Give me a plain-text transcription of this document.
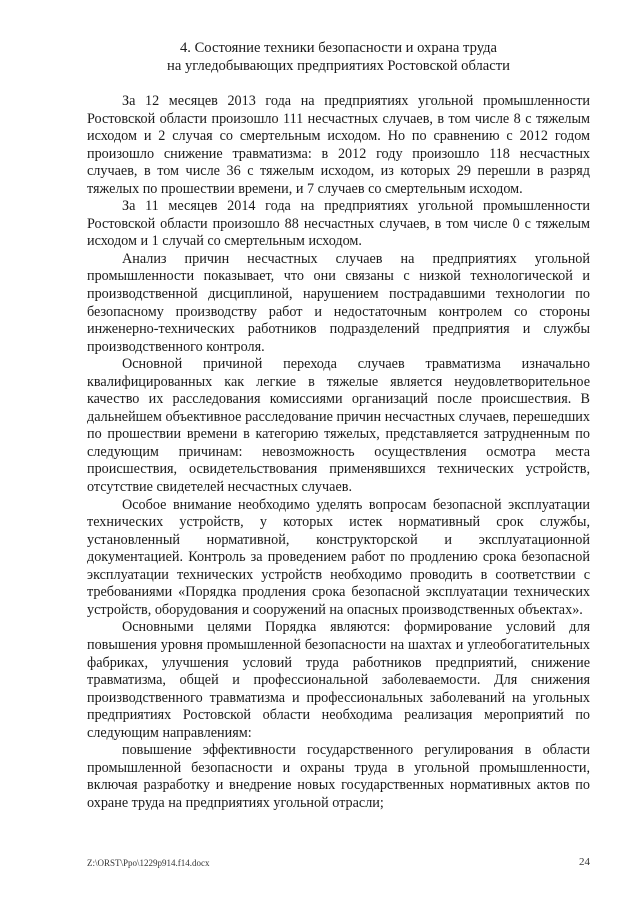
4. Состояние техники безопасности и охрана труда
на угледобывающих предприятиях Ростовской области

За 12 месяцев 2013 года на предприятиях угольной промышленности Ростовской области произошло 111 несчастных случаев, в том числе 8 с тяжелым исходом и 2 случая со смертельным исходом. Но по сравнению с 2012 годом произошло снижение травматизма: в 2012 году произошло 118 несчастных случаев, в том числе 36 с тяжелым исходом, из которых 29 перешли в разряд тяжелых по прошествии времени, и 7 случаев со смертельным исходом.

За 11 месяцев 2014 года на предприятиях угольной промышленности Ростовской области произошло 88 несчастных случаев, в том числе 0 с тяжелым исходом и 1 случай со смертельным исходом.

Анализ причин несчастных случаев на предприятиях угольной промышленности показывает, что они связаны с низкой технологической и производственной дисциплиной, нарушением пострадавшими технологии по безопасному производству работ и недостаточным контролем со стороны инженерно-технических работников подразделений предприятия и службы производственного контроля.

Основной причиной перехода случаев травматизма изначально квалифицированных как легкие в тяжелые является неудовлетворительное качество их расследования комиссиями организаций после происшествия. В дальнейшем объективное расследование причин несчастных случаев, перешедших по прошествии времени в категорию тяжелых, представляется затрудненным по следующим причинам: невозможность осуществления осмотра места происшествия, освидетельствования применявшихся технических устройств, отсутствие свидетелей несчастных случаев.

Особое внимание необходимо уделять вопросам безопасной эксплуатации технических устройств, у которых истек нормативный срок службы, установленный нормативной, конструкторской и эксплуатационной документацией. Контроль за проведением работ по продлению срока безопасной эксплуатации технических устройств необходимо проводить в соответствии с требованиями «Порядка продления срока безопасной эксплуатации технических устройств, оборудования и сооружений на опасных производственных объектах».

Основными целями Порядка являются: формирование условий для повышения уровня промышленной безопасности на шахтах и углеобогатительных фабриках, улучшения условий труда работников предприятий, снижение травматизма, общей и профессиональной заболеваемости. Для снижения производственного травматизма и профессиональных заболеваний на угольных предприятиях Ростовской области необходима реализация мероприятий по следующим направлениям:

повышение эффективности государственного регулирования в области промышленной безопасности и охраны труда в угольной промышленности, включая разработку и внедрение новых государственных нормативных актов по охране труда на предприятиях угольной отрасли;

Z:\ORST\Ppo\1229p914.f14.docx	24
